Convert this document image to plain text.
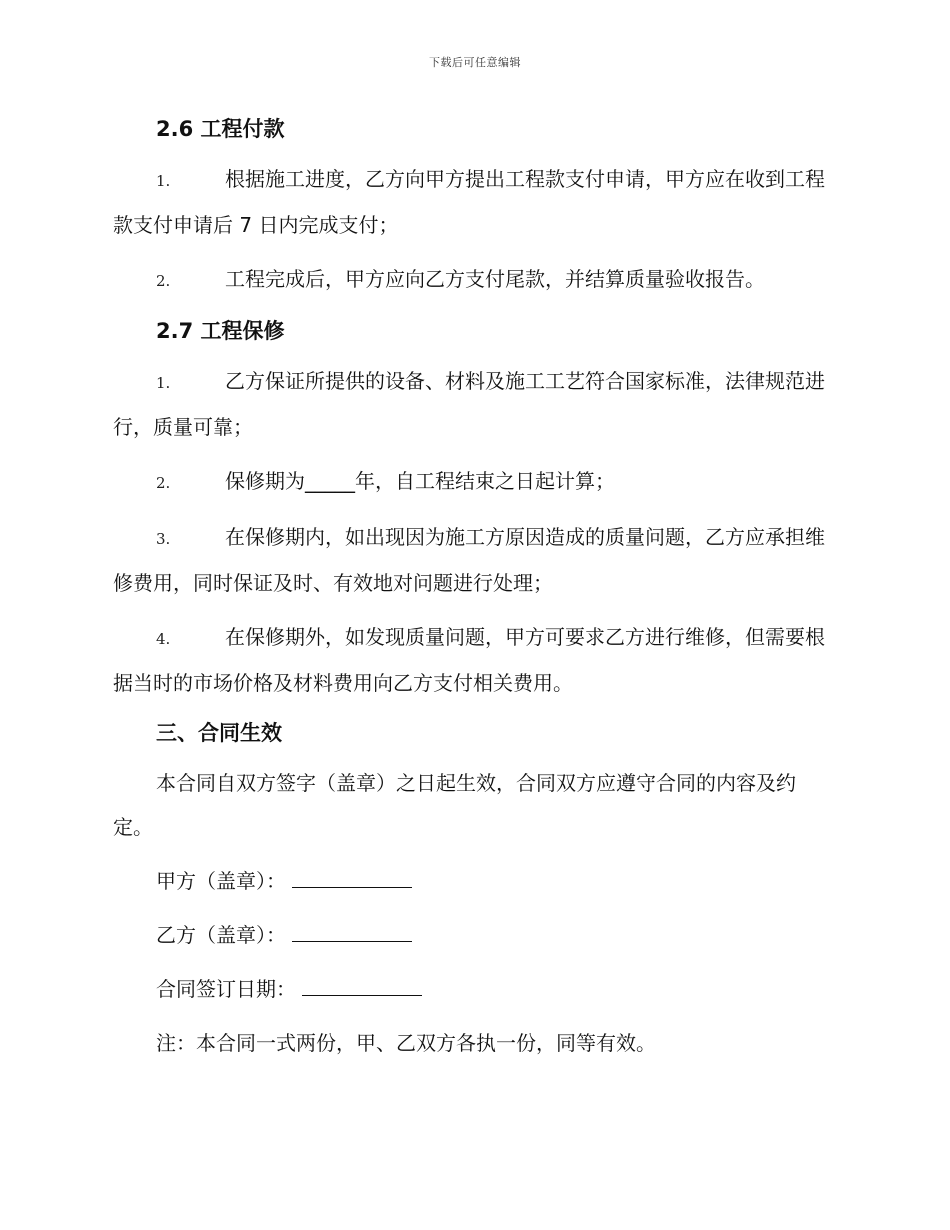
下载后可任意编辑
2.6 工程付款
1.	根据施工进度，乙方向甲方提出工程款支付申请，甲方应在收到工程款支付申请后 7 日内完成支付；
2.	工程完成后，甲方应向乙方支付尾款，并结算质量验收报告。
2.7 工程保修
1.	乙方保证所提供的设备、材料及施工工艺符合国家标准，法律规范进行，质量可靠；
2.	保修期为_____年，自工程结束之日起计算；
3.	在保修期内，如出现因为施工方原因造成的质量问题，乙方应承担维修费用，同时保证及时、有效地对问题进行处理；
4.	在保修期外，如发现质量问题，甲方可要求乙方进行维修，但需要根据当时的市场价格及材料费用向乙方支付相关费用。
三、合同生效
本合同自双方签字（盖章）之日起生效，合同双方应遵守合同的内容及约定。
甲方（盖章）：
乙方（盖章）：
合同签订日期：
注：本合同一式两份，甲、乙双方各执一份，同等有效。
